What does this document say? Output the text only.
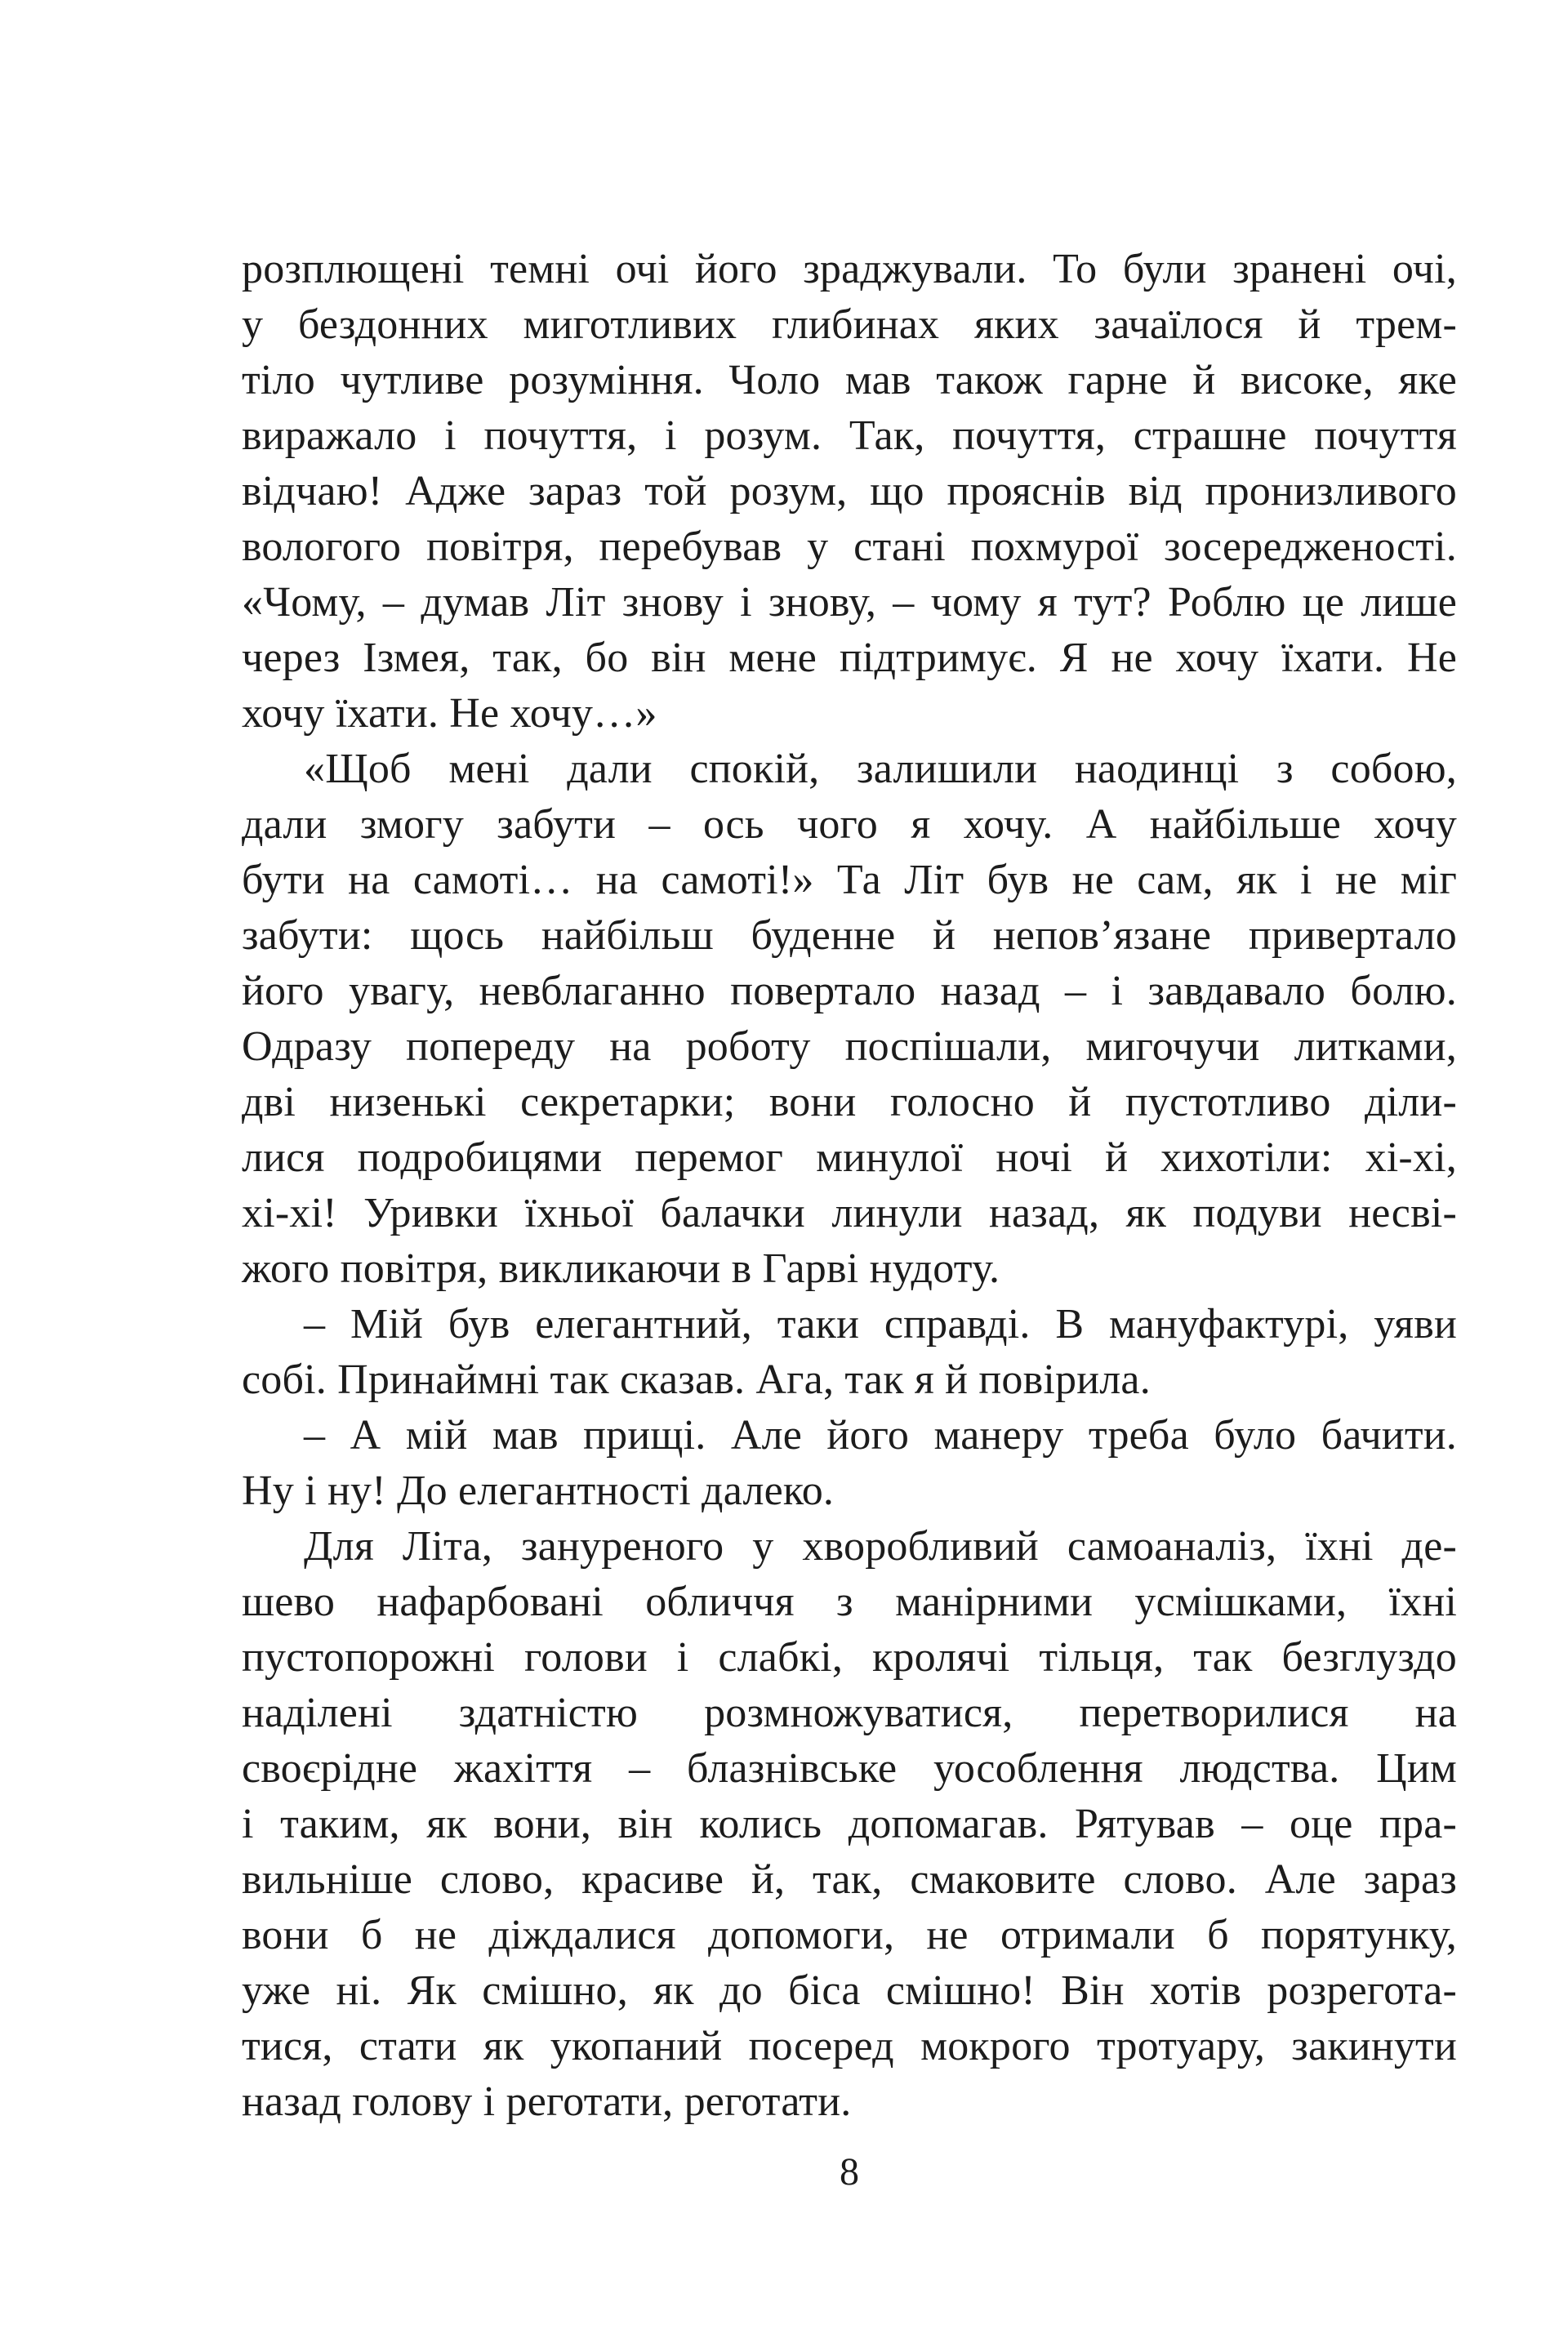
розплющені темні очі його зраджували. То були зранені очі,
у бездонних миготливих глибинах яких зачаїлося й трем-
тіло чутливе розуміння. Чоло мав також гарне й високе, яке
виражало і почуття, і розум. Так, почуття, страшне почуття
відчаю! Адже зараз той розум, що прояснів від пронизливого
вологого повітря, перебував у стані похмурої зосередженості.
«Чому, – думав Літ знову і знову, – чому я тут? Роблю це лише
через Ізмея, так, бо він мене підтримує. Я не хочу їхати. Не
хочу їхати. Не хочу…»
«Щоб мені дали спокій, залишили наодинці з собою,
дали змогу забути – ось чого я хочу. А найбільше хочу
бути на самоті… на самоті!» Та Літ був не сам, як і не міг
забути: щось найбільш буденне й непов’язане привертало
його увагу, невблаганно повертало назад – і завдавало болю.
Одразу попереду на роботу поспішали, мигочучи литками,
дві низенькі секретарки; вони голосно й пустотливо діли-
лися подробицями перемог минулої ночі й хихотіли: хі-хі,
хі-хі! Уривки їхньої балачки линули назад, як подуви несві-
жого повітря, викликаючи в Гарві нудоту.
– Мій був елегантний, таки справді. В мануфактурі, уяви
собі. Принаймні так сказав. Ага, так я й повірила.
– А мій мав прищі. Але його манеру треба було бачити.
Ну і ну! До елегантності далеко.
Для Літа, зануреного у хворобливий самоаналіз, їхні де-
шево нафарбовані обличчя з манірними усмішками, їхні
пустопорожні голови і слабкі, кролячі тільця, так безглуздо
наділені здатністю розмножуватися, перетворилися на
своєрідне жахіття – блазнівське уособлення людства. Цим
і таким, як вони, він колись допомагав. Рятував – оце пра-
вильніше слово, красиве й, так, смаковите слово. Але зараз
вони б не діждалися допомоги, не отримали б порятунку,
уже ні. Як смішно, як до біса смішно! Він хотів розрегота-
тися, стати як укопаний посеред мокрого тротуару, закинути
назад голову і реготати, реготати.
8
